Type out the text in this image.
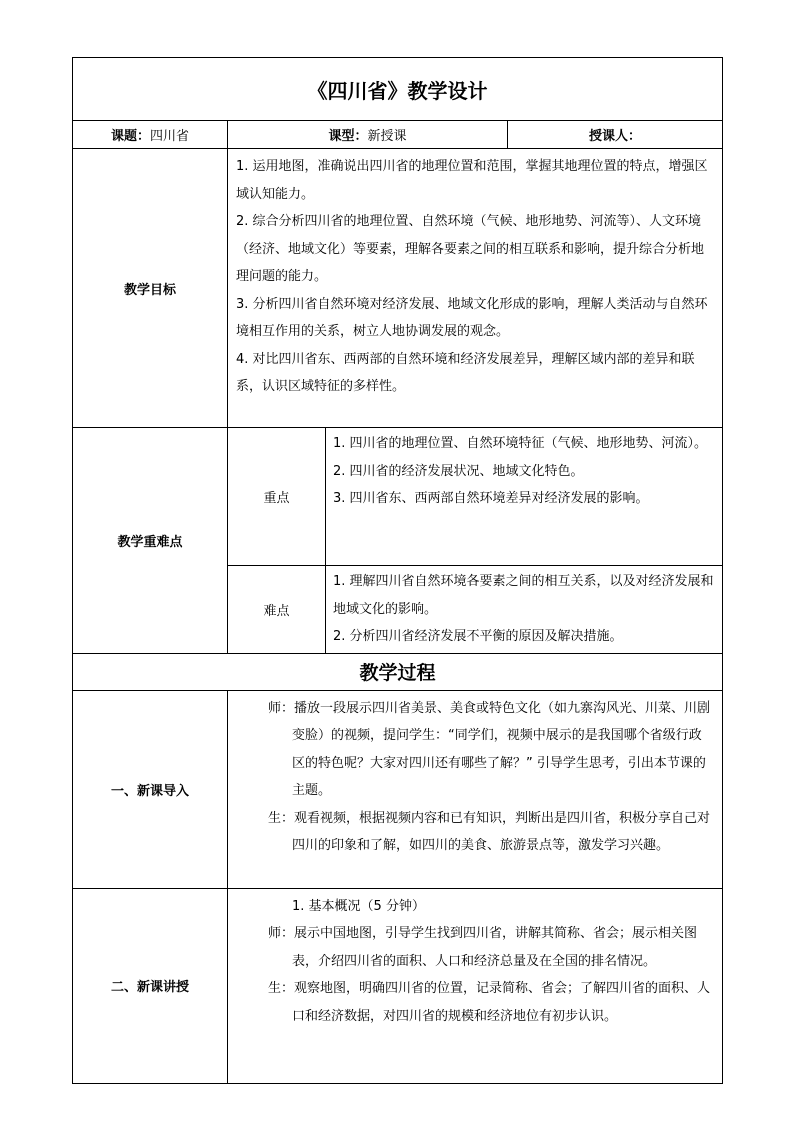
《四川省》教学设计			
课题：四川省	课型：新授课		授课人：
教学目标	1. 运用地图，准确说出四川省的地理位置和范围，掌握其地理位置的特点，增强区域认知能力。

2. 综合分析四川省的地理位置、自然环境（气候、地形地势、河流等）、人文环境（经济、地域文化）等要素，理解各要素之间的相互联系和影响，提升综合分析地理问题的能力。

3. 分析四川省自然环境对经济发展、地域文化形成的影响，理解人类活动与自然环境相互作用的关系，树立人地协调发展的观念。

4. 对比四川省东、西两部的自然环境和经济发展差异，理解区域内部的差异和联系，认识区域特征的多样性。		

教学重难点	重点	1. 四川省的地理位置、自然环境特征（气候、地形地势、河流）。

2. 四川省的经济发展状况、地域文化特色。

3. 四川省东、西两部自然环境差异对经济发展的影响。	

	难点	1. 理解四川省自然环境各要素之间的相互关系，以及对经济发展和地域文化的影响。

2. 分析四川省经济发展不平衡的原因及解决措施。	

教学过程			
一、新课导入	师：播放一段展示四川省美景、美食或特色文化（如九寨沟风光、川菜、川剧变脸）的视频，提问学生：“同学们，视频中展示的是我国哪个省级行政区的特色呢？大家对四川还有哪些了解？” 引导学生思考，引出本节课的主题。

生：观看视频，根据视频内容和已有知识，判断出是四川省，积极分享自己对四川的印象和了解，如四川的美食、旅游景点等，激发学习兴趣。		

二、新课讲授	1. 基本概况（5 分钟）

师：展示中国地图，引导学生找到四川省，讲解其简称、省会；展示相关图表，介绍四川省的面积、人口和经济总量及在全国的排名情况。

生：观察地图，明确四川省的位置，记录简称、省会；了解四川省的面积、人口和经济数据，对四川省的规模和经济地位有初步认识。		
